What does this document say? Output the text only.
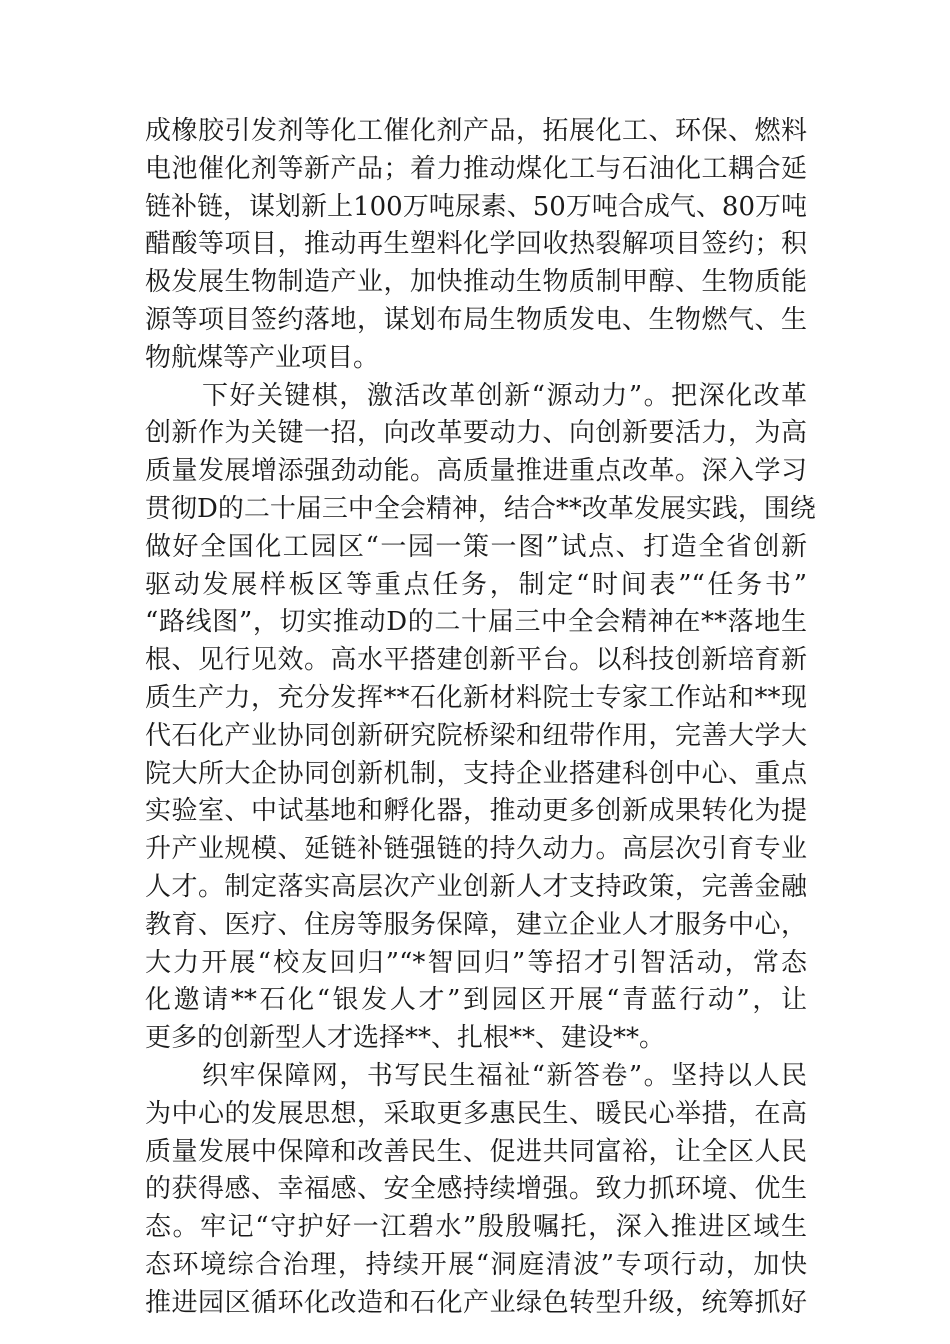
成橡胶引发剂等化工催化剂产品，拓展化工、环保、燃料
电池催化剂等新产品；着力推动煤化工与石油化工耦合延
链补链，谋划新上100万吨尿素、50万吨合成气、80万吨
醋酸等项目，推动再生塑料化学回收热裂解项目签约；积
极发展生物制造产业，加快推动生物质制甲醇、生物质能
源等项目签约落地，谋划布局生物质发电、生物燃气、生
物航煤等产业项目。
下好关键棋，激活改革创新“源动力”。把深化改革
创新作为关键一招，向改革要动力、向创新要活力，为高
质量发展增添强劲动能。高质量推进重点改革。深入学习
贯彻D的二十届三中全会精神，结合**改革发展实践，围绕
做好全国化工园区“一园一策一图”试点、打造全省创新
驱动发展样板区等重点任务，制定“时间表”“任务书”
“路线图”，切实推动D的二十届三中全会精神在**落地生
根、见行见效。高水平搭建创新平台。以科技创新培育新
质生产力，充分发挥**石化新材料院士专家工作站和**现
代石化产业协同创新研究院桥梁和纽带作用，完善大学大
院大所大企协同创新机制，支持企业搭建科创中心、重点
实验室、中试基地和孵化器，推动更多创新成果转化为提
升产业规模、延链补链强链的持久动力。高层次引育专业
人才。制定落实高层次产业创新人才支持政策，完善金融
教育、医疗、住房等服务保障，建立企业人才服务中心，
大力开展“校友回归”“*智回归”等招才引智活动，常态
化邀请**石化“银发人才”到园区开展“青蓝行动”，让
更多的创新型人才选择**、扎根**、建设**。
织牢保障网，书写民生福祉“新答卷”。坚持以人民
为中心的发展思想，采取更多惠民生、暖民心举措，在高
质量发展中保障和改善民生、促进共同富裕，让全区人民
的获得感、幸福感、安全感持续增强。致力抓环境、优生
态。牢记“守护好一江碧水”殷殷嘱托，深入推进区域生
态环境综合治理，持续开展“洞庭清波”专项行动，加快
推进园区循环化改造和石化产业绿色转型升级，统筹抓好
